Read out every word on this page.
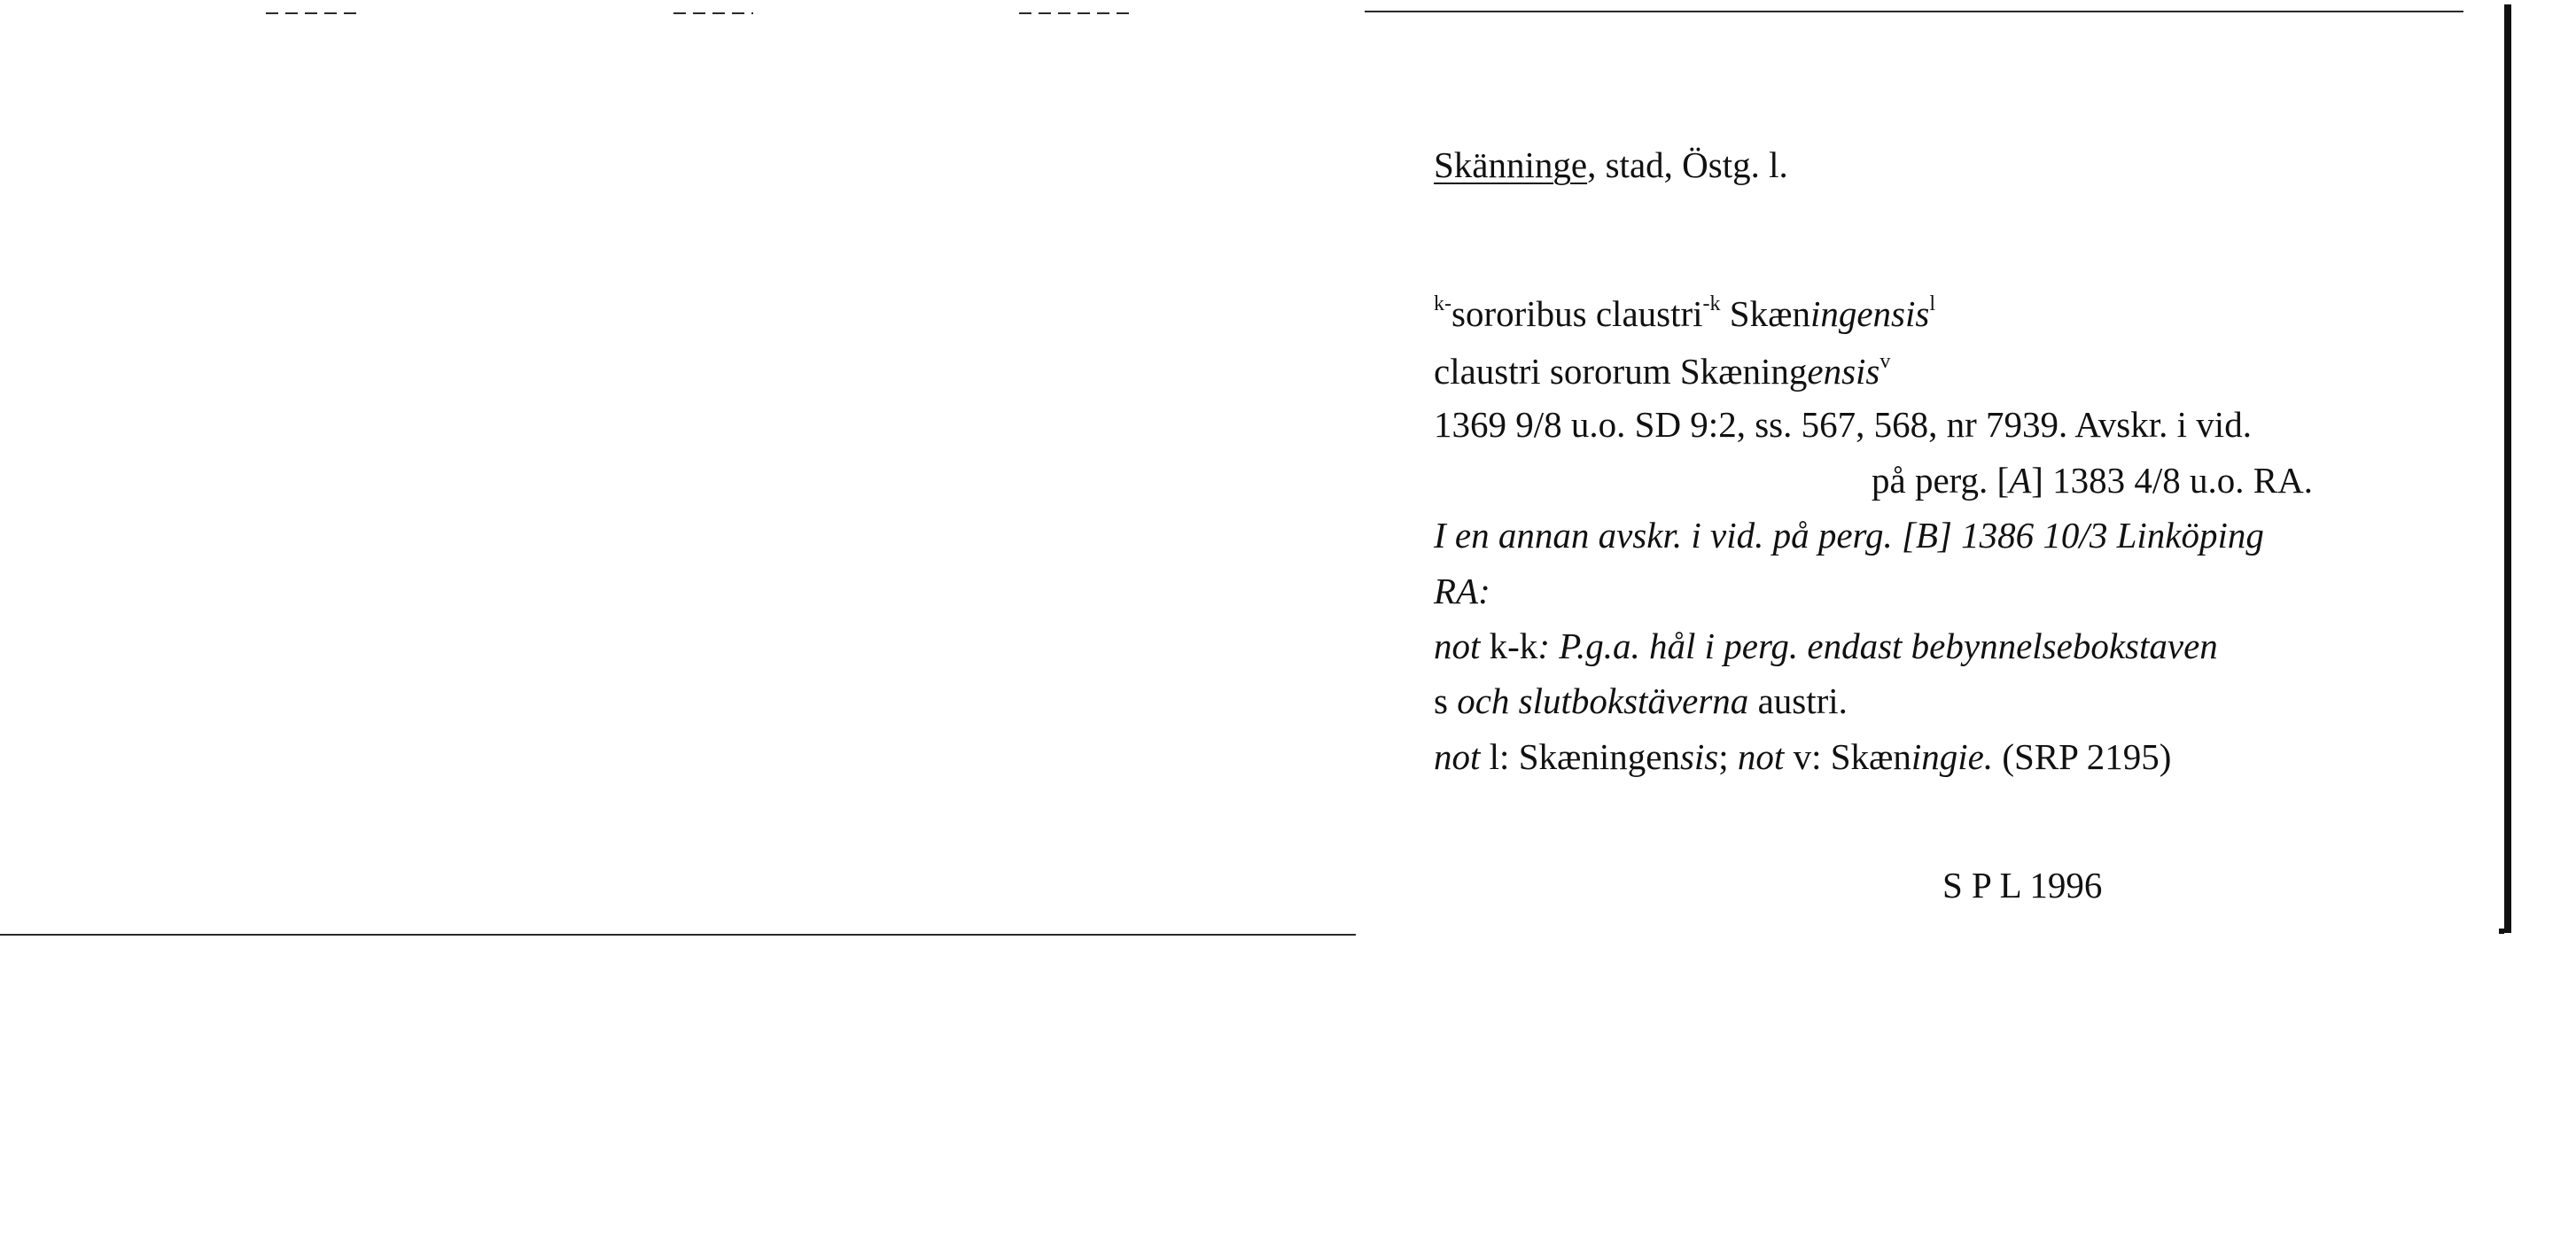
Skänninge, stad, Östg. l.
$^{k-}$sororibus claustri$^{-k}$ Skæningensis$^l$
claustri sororum Skæningensis$^v$
1369 9/8 u.o. SD 9:2, ss. 567, 568, nr 7939. Avskr. i vid.
på perg. [A] 1383 4/8 u.o. RA.
I en annan avskr. i vid. på perg. [B] 1386 10/3 Linköping
RA:
not k-k: P.g.a. hål i perg. endast bebynnelsebokstaven
s och slutbokstäverna austri.
not l: Skæningensis; not v: Skæningie. (SRP 2195)
S P L 1996
